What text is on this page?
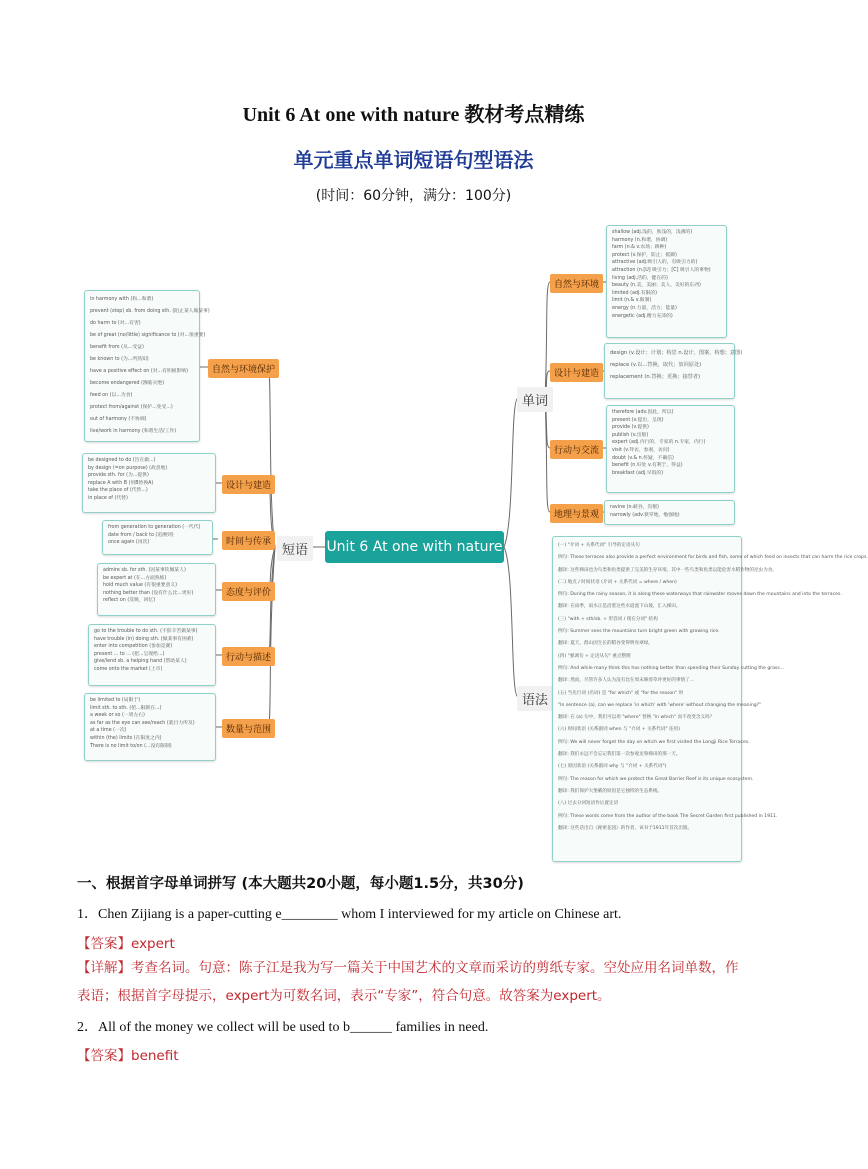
Unit 6 At one with nature 教材考点精练
单元重点单词短语句型语法
(时间：60分钟，满分：100分)
Unit 6 At one with nature
单词
短语
语法
自然与环境
设计与建造
行动与交流
地理与景观
shallow (adj.浅的，肤浅的，浅薄的)
harmony (n.和谐，协调)
farm (n.& v.农场；耕种)
protect (v.保护，防止；抵御)
attractive (adj.吸引人的，有吸引力的)
attraction (n.[U] 吸引力；[C] 吸引人的事物)
living (adj.活的，健在的)
beauty (n.美，美丽；美人，美好的东西)
limited (adj.有限的)
limit (n.& v.限制)
energy (n.力量，活力；能量)
energetic (adj.精力充沛的)
design (v.设计；计划；构思 n.设计，图案，构想；意图)
replace (v.以...替换，取代；放回原处)
replacement (n.替换；更换；接替者)
therefore (adv.因此，所以)
present (v.提出，呈现)
provide (v.提供)
publish (v.出版)
expert (adj.内行的，专家的 n.专家，内行)
visit (v.拜访，参观，访问)
doubt (v.& n.怀疑，不确信)
benefit (n.好处 v.有利于，得益)
breakfast (adj.早饭的)
ravine (n.峡谷，沟壑)
narrowly (adv.狭窄地，勉强地)
自然与环境保护
设计与建造
时间与传承
态度与评价
行动与描述
数量与范围
in harmony with (和...和谐)
prevent (stop) sb. from doing sth. (阻止某人做某事)
do harm to (对...有害)
be of great (no/little) significance to (对...很重要)
benefit from (从...受益)
be known to (为...所熟知)
have a positive effect on (对...有积极影响)
become endangered (濒临灭绝)
feed on (以...为食)
protect from/against (保护...免受...)
out of harmony (不协调)
live/work in harmony (和谐生活/工作)
be designed to do (旨在做...)
by design (=on purpose) (故意地)
provide sth. for (为...提供)
replace A with B (用B替换A)
take the place of (代替...)
in place of (代替)
from generation to generation (一代代)
date from / back to (追溯到)
once again (再次)
admire sb. for sth. (因某事钦佩某人)
be expert at (在...方面熟练)
hold much value (有很重要意义)
nothing better than (没有什么比...更好)
reflect on (反映，回忆)
go to the trouble to do sth. (不辞辛苦做某事)
have trouble (in) doing sth. (做某事有困难)
enter into competition (参加竞赛)
present ... to ... (把...呈现给...)
give/lend sb. a helping hand (帮助某人)
come onto the market (上市)
be limited to (局限于)
limit sth. to sth. (把...限制在...)
a week or so (一周左右)
as far as the eye can see/reach (就目力所及)
at a time (一次)
within (the) limits (在限度之内)
There is no limit to/on (...没有限制)
(一) "介词 + 关系代词" 引导的定语从句
例句: These terraces also provide a perfect environment for birds and fish, some of which feed on insects that can harm the rice crops.
翻译: 这些梯田也为鸟类和鱼类提供了完美的生存环境，其中一些鸟类和鱼类以能危害水稻作物的昆虫为食。
(二) 地点 / 时间状语 (介词 + 关系代词 = where / when)
例句: During the rainy season, it is along these waterways that rainwater moves down the mountains and into the terraces.
翻译: 在雨季，雨水正是沿着这些水道流下山坡，汇入梯田。
(三) "with + sth/sb. + 形容词 / 现在分词" 结构
例句: Summer sees the mountains turn bright green with growing rice.
翻译: 夏天，群山因生长的稻谷变得明亮翠绿。
(四) "强调句 + 定语从句" 重点整理
例句: And while many think this has nothing better than spending their Sunday cutting the grass...
翻译: 然而，尽管许多人认为没有比在周末修剪草坪更好的事情了...
(五) 当先行词 (名词) 是 "for which" 或 "for the reason" 时
"In sentence (a), can we replace 'in which' with 'where' without changing the meaning?"
翻译: 在 (a) 句中，我们可以用 "where" 替换 "in which" 而不改变含义吗？
(六) 时间状语 (关系副词 when 与 "介词 + 关系代词" 连用)
例句: We will never forget the day on which we first visited the Longji Rice Terraces.
翻译: 我们永远不会忘记我们第一次参观龙脊梯田的那一天。
(七) 原因状语 (关系副词 why 与 "介词 + 关系代词")
例句: The reason for which we protect the Great Barrier Reef is its unique ecosystem.
翻译: 我们保护大堡礁的原因是它独特的生态系统。
(八) 过去分词短语作后置定语
例句: These words come from the author of the book The Secret Garden first published in 1911.
翻译: 这些话出自《秘密花园》的作者，该书于1911年首次出版。
一、根据首字母单词拼写 (本大题共20小题，每小题1.5分，共30分)
1．Chen Zijiang is a paper-cutting e________ whom I interviewed for my article on Chinese art.
【答案】expert
【详解】考查名词。句意：陈子江是我为写一篇关于中国艺术的文章而采访的剪纸专家。空处应用名词单数，作表语；根据首字母提示，expert为可数名词，表示“专家”，符合句意。故答案为expert。
2．All of the money we collect will be used to b______ families in need.
【答案】benefit
